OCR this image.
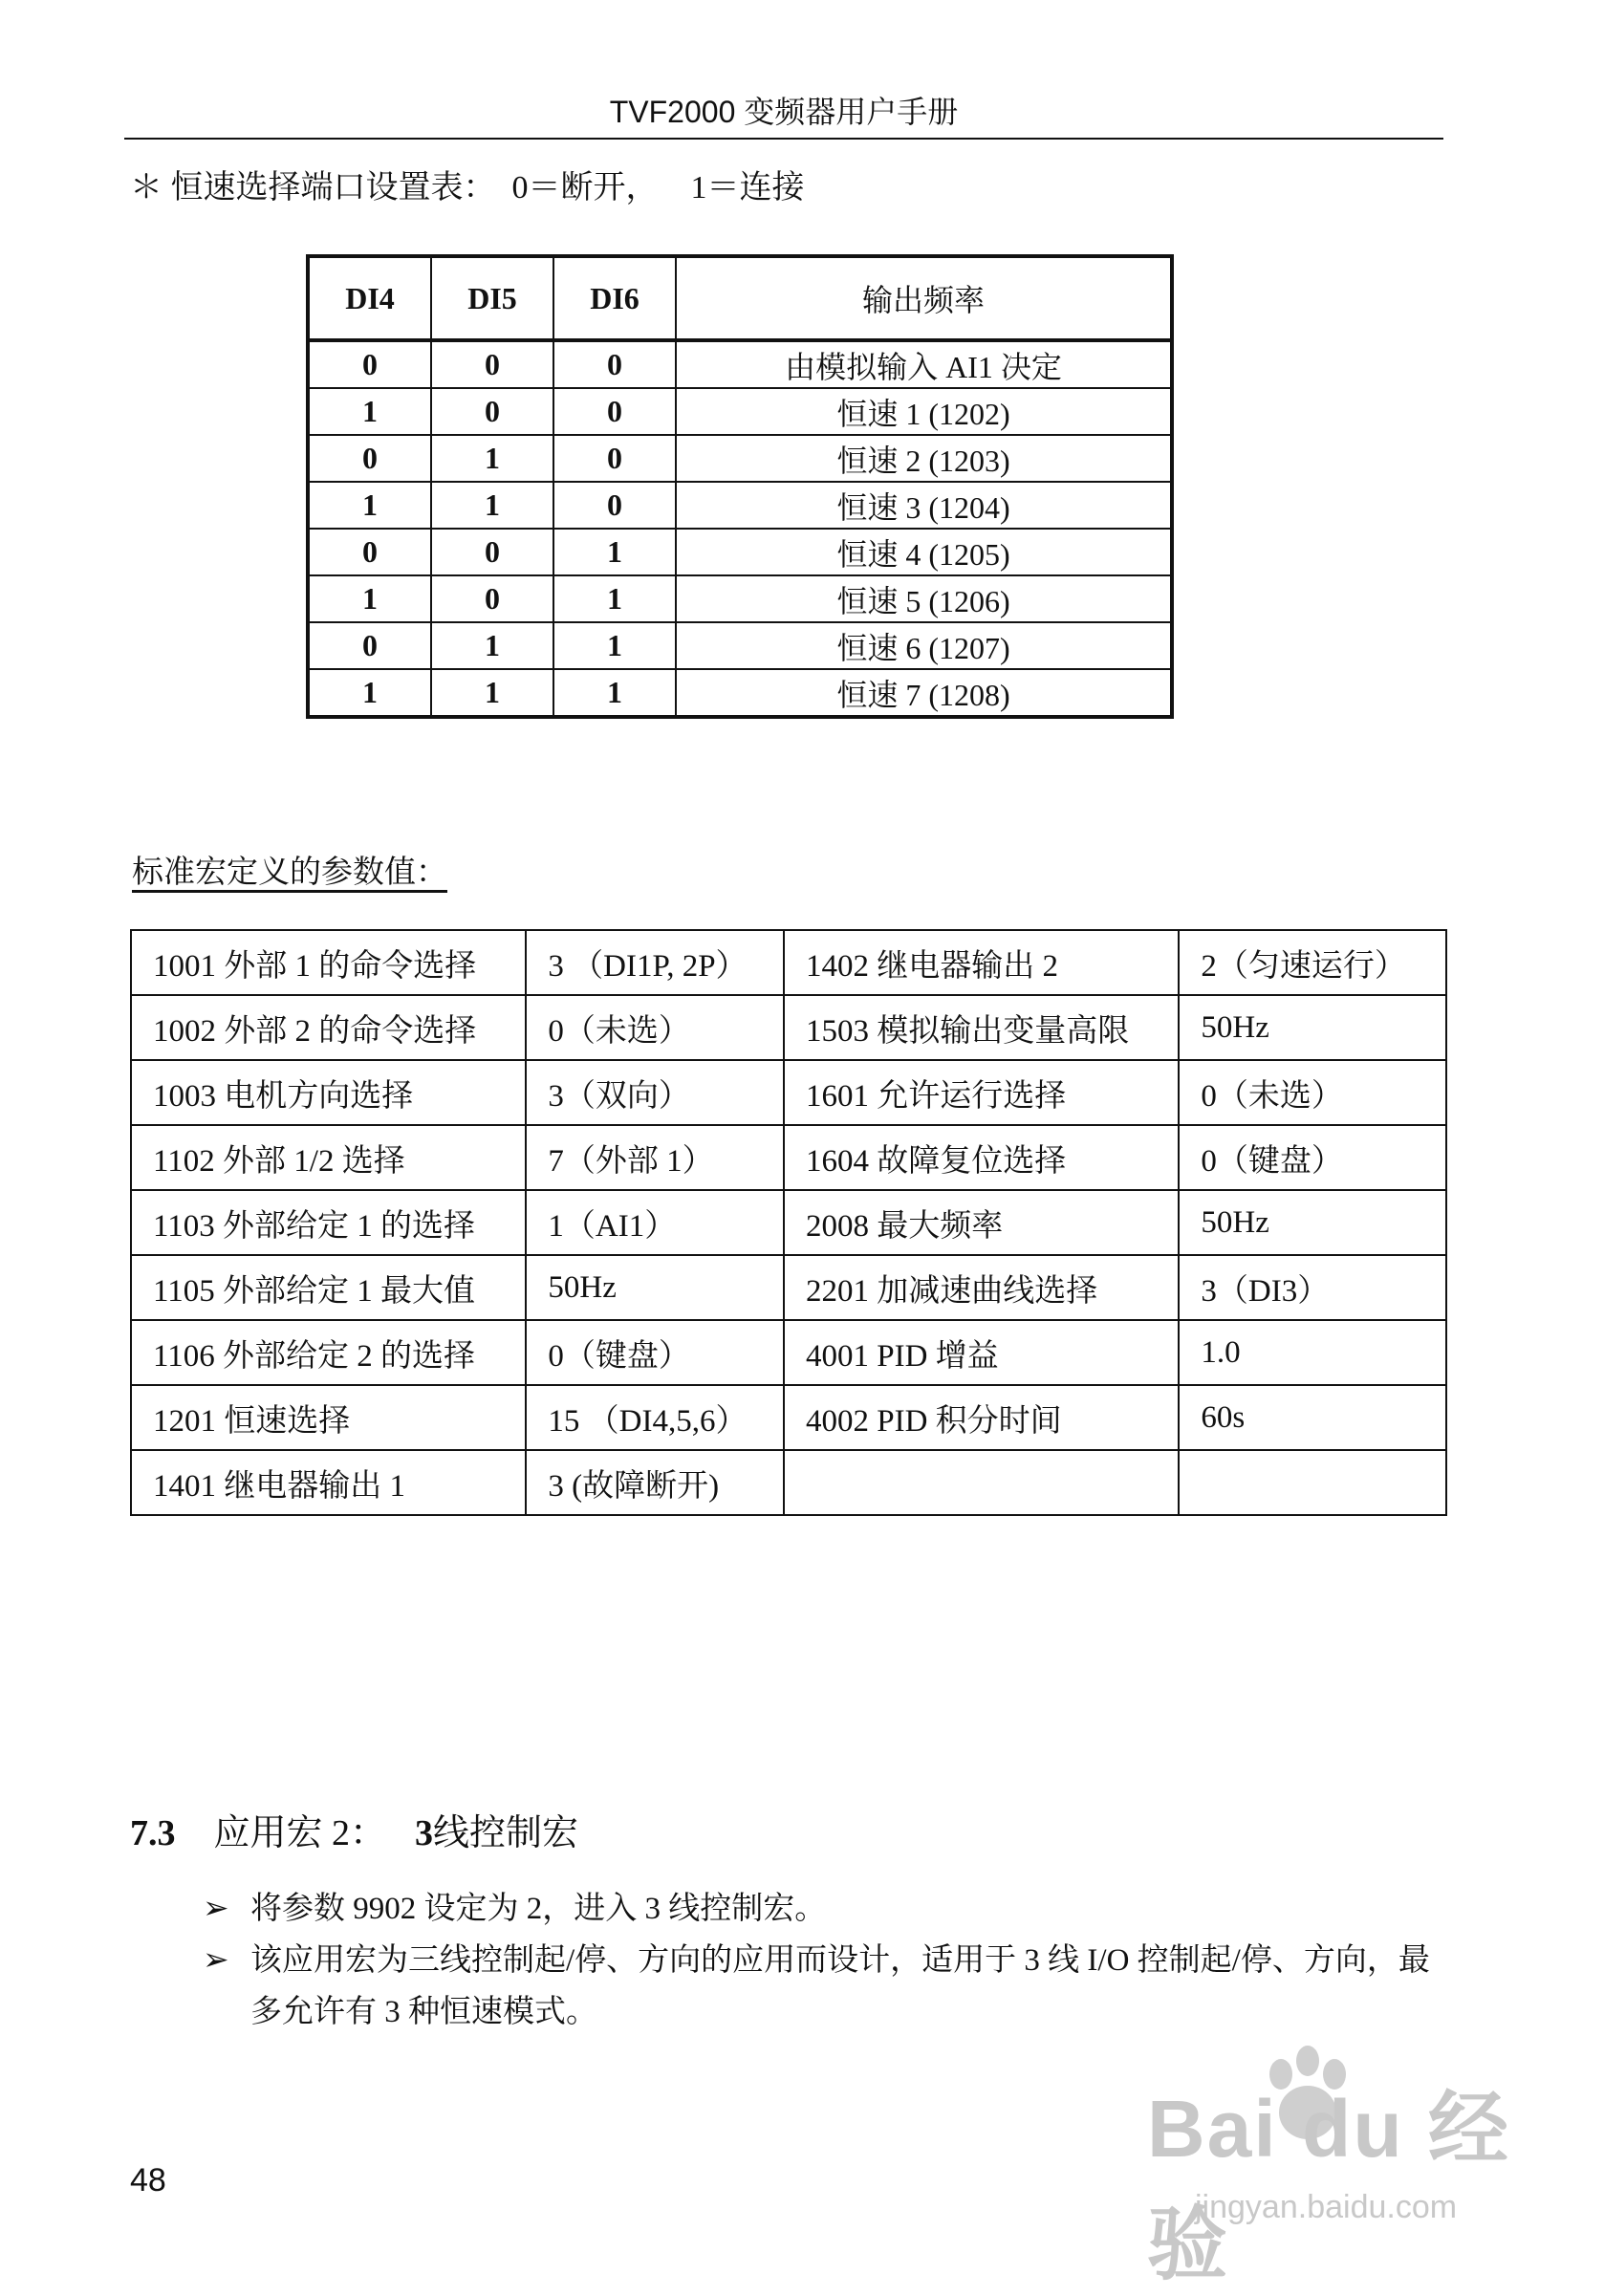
TVF2000 变频器用户手册
＊ 恒速选择端口设置表：  0＝断开，    1＝连接
DI4	DI5	DI6	输出频率
0	0	0	由模拟输入 AI1 决定
1	0	0	恒速 1 (1202)
0	1	0	恒速 2 (1203)
1	1	0	恒速 3 (1204)
0	0	1	恒速 4 (1205)
1	0	1	恒速 5 (1206)
0	1	1	恒速 6 (1207)
1	1	1	恒速 7 (1208)
标准宏定义的参数值：
1001 外部 1 的命令选择	3 （DI1P, 2P）	1402 继电器输出 2	2（匀速运行）
1002 外部 2 的命令选择	0（未选）	1503 模拟输出变量高限	50Hz
1003 电机方向选择	3（双向）	1601 允许运行选择	0（未选）
1102 外部 1/2 选择	7（外部 1）	1604 故障复位选择	0（键盘）
1103 外部给定 1 的选择	1（AI1）	2008 最大频率	50Hz
1105 外部给定 1 最大值	50Hz	2201 加减速曲线选择	3（DI3）
1106 外部给定 2 的选择	0（键盘）	4001 PID 增益	1.0
1201 恒速选择	15 （DI4,5,6）	4002 PID 积分时间	60s
1401 继电器输出 1	3 (故障断开)		
7.3 应用宏 2： 3线控制宏
➢ 将参数 9902 设定为 2，进入 3 线控制宏。
➢ 该应用宏为三线控制起/停、方向的应用而设计，适用于 3 线 I/O 控制起/停、方向，最多允许有 3 种恒速模式。
48
Bai du 经验
jingyan.baidu.com
